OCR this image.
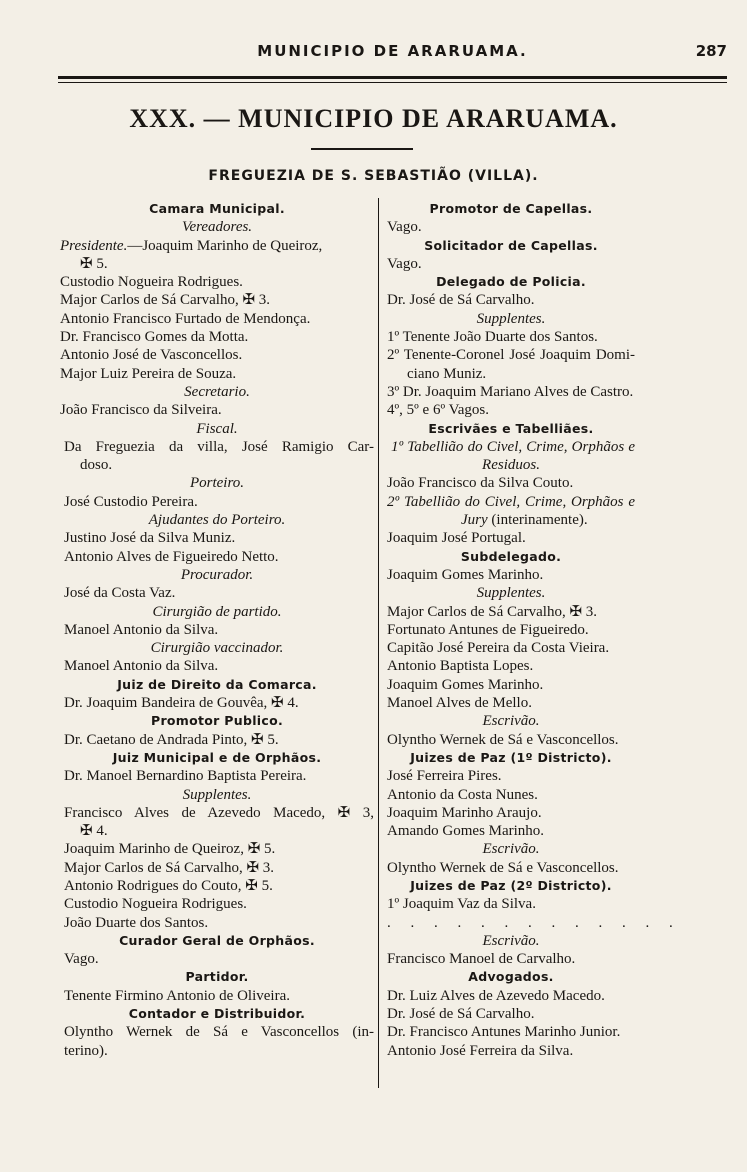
MUNICIPIO DE ARARUAMA.	287
XXX. — MUNICIPIO DE ARARUAMA.
FREGUEZIA DE S. SEBASTIÃO (VILLA).
Camara Municipal.
Vereadores.
Presidente.—Joaquim Marinho de Queiroz,
✠ 5.
Custodio Nogueira Rodrigues.
Major Carlos de Sá Carvalho, ✠ 3.
Antonio Francisco Furtado de Mendonça.
Dr. Francisco Gomes da Motta.
Antonio José de Vasconcellos.
Major Luiz Pereira de Souza.
Secretario.
João Francisco da Silveira.
Fiscal.
Da Freguezia da villa, José Ramigio Car-
doso.
Porteiro.
José Custodio Pereira.
Ajudantes do Porteiro.
Justino José da Silva Muniz.
Antonio Alves de Figueiredo Netto.
Procurador.
José da Costa Vaz.
Cirurgião de partido.
Manoel Antonio da Silva.
Cirurgião vaccinador.
Manoel Antonio da Silva.
Juiz de Direito da Comarca.
Dr. Joaquim Bandeira de Gouvêa, ✠ 4.
Promotor Publico.
Dr. Caetano de Andrada Pinto, ✠ 5.
Juiz Municipal e de Orphãos.
Dr. Manoel Bernardino Baptista Pereira.
Supplentes.
Francisco Alves de Azevedo Macedo, ✠ 3,
✠ 4.
Joaquim Marinho de Queiroz, ✠ 5.
Major Carlos de Sá Carvalho, ✠ 3.
Antonio Rodrigues do Couto, ✠ 5.
Custodio Nogueira Rodrigues.
João Duarte dos Santos.
Curador Geral de Orphãos.
Vago.
Partidor.
Tenente Firmino Antonio de Oliveira.
Contador e Distribuidor.
Olyntho Wernek de Sá e Vasconcellos (in-
terino).
Promotor de Capellas.
Vago.
Solicitador de Capellas.
Vago.
Delegado de Policia.
Dr. José de Sá Carvalho.
Supplentes.
1º Tenente João Duarte dos Santos.
2º Tenente-Coronel José Joaquim Domi-
ciano Muniz.
3º Dr. Joaquim Mariano Alves de Castro.
4º, 5º e 6º Vagos.
Escrivães e Tabelliães.
1º Tabellião do Civel, Crime, Orphãos e
Residuos.
João Francisco da Silva Couto.
2º Tabellião do Civel, Crime, Orphãos e
Jury (interinamente).
Joaquim José Portugal.
Subdelegado.
Joaquim Gomes Marinho.
Supplentes.
Major Carlos de Sá Carvalho, ✠ 3.
Fortunato Antunes de Figueiredo.
Capitão José Pereira da Costa Vieira.
Antonio Baptista Lopes.
Joaquim Gomes Marinho.
Manoel Alves de Mello.
Escrivão.
Olyntho Wernek de Sá e Vasconcellos.
Juizes de Paz (1º Districto).
José Ferreira Pires.
Antonio da Costa Nunes.
Joaquim Marinho Araujo.
Amando Gomes Marinho.
Escrivão.
Olyntho Wernek de Sá e Vasconcellos.
Juizes de Paz (2º Districto).
1º Joaquim Vaz da Silva.
. . . . . . . . . . . . .
Escrivão.
Francisco Manoel de Carvalho.
Advogados.
Dr. Luiz Alves de Azevedo Macedo.
Dr. José de Sá Carvalho.
Dr. Francisco Antunes Marinho Junior.
Antonio José Ferreira da Silva.
